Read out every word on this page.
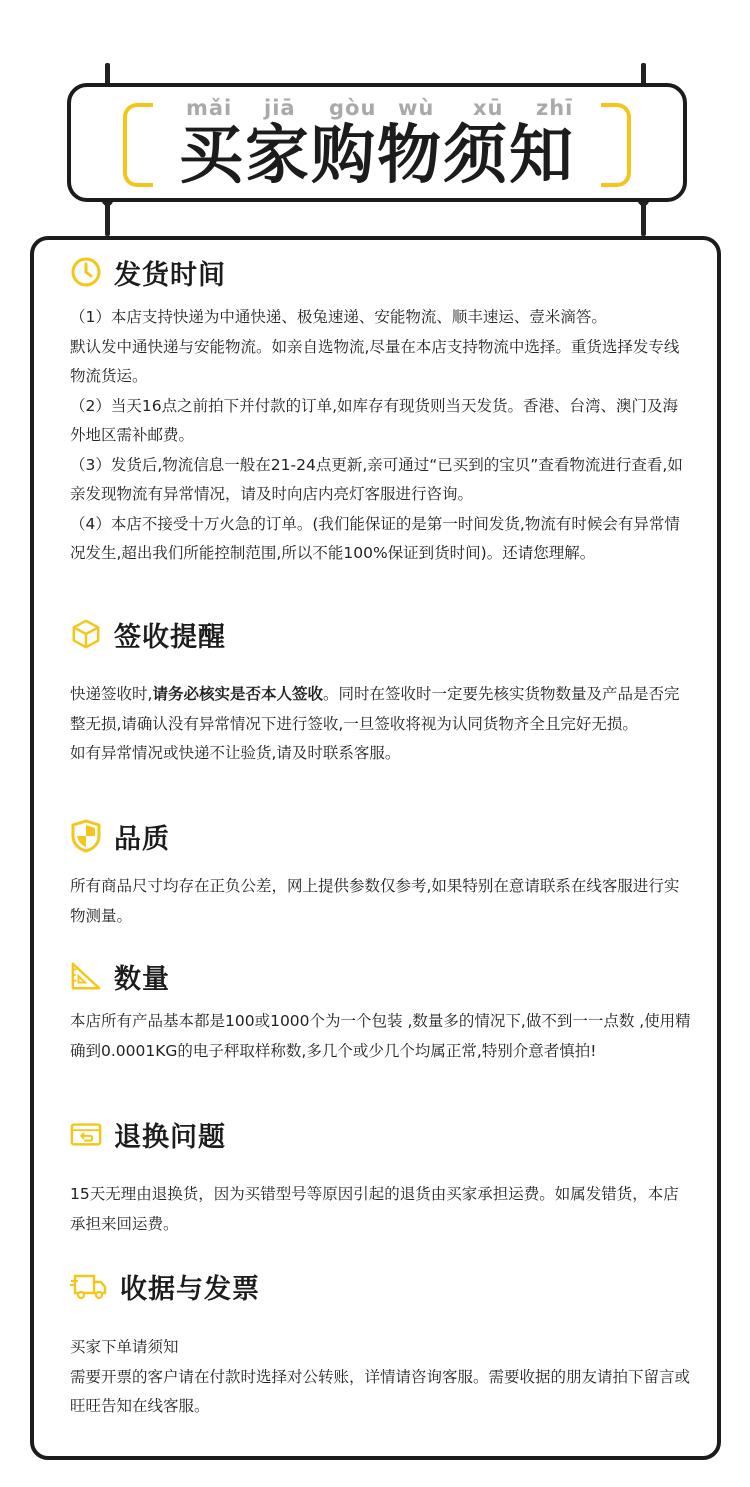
mǎi jiā gòu wù xū zhī
买家购物须知
发货时间

（1）本店支持快递为中通快递、极兔速递、安能物流、顺丰速运、壹米滴答。

默认发中通快递与安能物流。如亲自选物流,尽量在本店支持物流中选择。重货选择发专线物流货运。

（2）当天16点之前拍下并付款的订单,如库存有现货则当天发货。香港、台湾、澳门及海外地区需补邮费。

（3）发货后,物流信息一般在21-24点更新,亲可通过“已买到的宝贝”查看物流进行查看,如亲发现物流有异常情况，请及时向店内亮灯客服进行咨询。

（4）本店不接受十万火急的订单。(我们能保证的是第一时间发货,物流有时候会有异常情况发生,超出我们所能控制范围,所以不能100%保证到货时间)。还请您理解。

签收提醒

快递签收时,请务必核实是否本人签收。同时在签收时一定要先核实货物数量及产品是否完整无损,请确认没有异常情况下进行签收,一旦签收将视为认同货物齐全且完好无损。

如有异常情况或快递不让验货,请及时联系客服。

品质

所有商品尺寸均存在正负公差，网上提供参数仅参考,如果特别在意请联系在线客服进行实物测量。

数量

本店所有产品基本都是100或1000个为一个包装 ,数量多的情况下,做不到一一点数 ,使用精确到0.0001KG的电子秤取样称数,多几个或少几个均属正常,特别介意者慎拍!

退换问题

15天无理由退换货，因为买错型号等原因引起的退货由买家承担运费。如属发错货，本店承担来回运费。

收据与发票

买家下单请须知

需要开票的客户请在付款时选择对公转账，详情请咨询客服。需要收据的朋友请拍下留言或旺旺告知在线客服。
